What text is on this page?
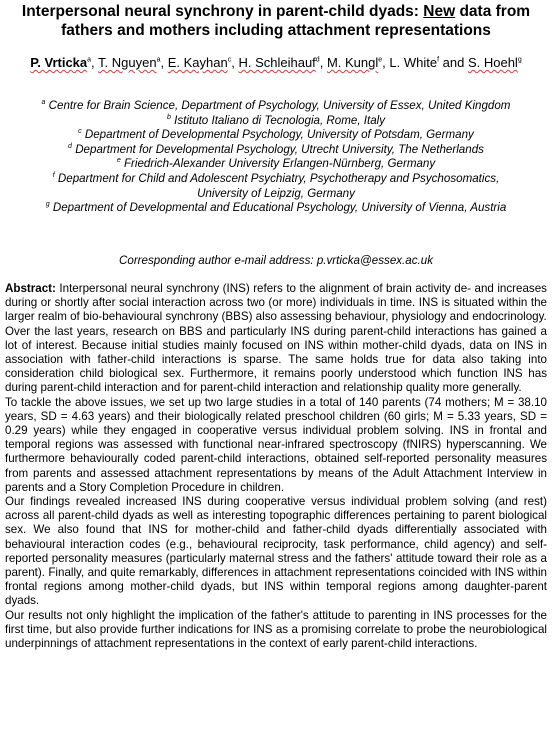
Interpersonal neural synchrony in parent-child dyads: New data from fathers and mothers including attachment representations
P. Vrticka$^a$, T. Nguyen$^a$, E. Kayhan$^c$, H. Schleihauf$^d$, M. Kungl$^e$, L. White$^f$ and S. Hoehl$^g$
$^a$ Centre for Brain Science, Department of Psychology, University of Essex, United Kingdom
$^b$ Istituto Italiano di Tecnologia, Rome, Italy
$^c$ Department of Developmental Psychology, University of Potsdam, Germany
$^d$ Department for Developmental Psychology, Utrecht University, The Netherlands
$^e$ Friedrich-Alexander University Erlangen-Nürnberg, Germany
$^f$ Department for Child and Adolescent Psychiatry, Psychotherapy and Psychosomatics,
University of Leipzig, Germany
$^g$ Department of Developmental and Educational Psychology, University of Vienna, Austria
Corresponding author e-mail address: p.vrticka@essex.ac.uk

Abstract: Interpersonal neural synchrony (INS) refers to the alignment of brain activity de- and increases during or shortly after social interaction across two (or more) individuals in time. INS is situated within the larger realm of bio-behavioural synchrony (BBS) also assessing behaviour, physiology and endocrinology.

Over the last years, research on BBS and particularly INS during parent-child interactions has gained a lot of interest. Because initial studies mainly focused on INS within mother-child dyads, data on INS in association with father-child interactions is sparse. The same holds true for data also taking into consideration child biological sex. Furthermore, it remains poorly understood which function INS has during parent-child interaction and for parent-child interaction and relationship quality more generally.

To tackle the above issues, we set up two large studies in a total of 140 parents (74 mothers; M = 38.10 years, SD = 4.63 years) and their biologically related preschool children (60 girls; M = 5.33 years, SD = 0.29 years) while they engaged in cooperative versus individual problem solving. INS in frontal and temporal regions was assessed with functional near-infrared spectroscopy (fNIRS) hyperscanning. We furthermore behaviourally coded parent-child interactions, obtained self-reported personality measures from parents and assessed attachment representations by means of the Adult Attachment Interview in parents and a Story Completion Procedure in children.

Our findings revealed increased INS during cooperative versus individual problem solving (and rest) across all parent-child dyads as well as interesting topographic differences pertaining to parent biological sex. We also found that INS for mother-child and father-child dyads differentially associated with behavioural interaction codes (e.g., behavioural reciprocity, task performance, child agency) and self-reported personality measures (particularly maternal stress and the fathers' attitude toward their role as a parent). Finally, and quite remarkably, differences in attachment representations coincided with INS within frontal regions among mother-child dyads, but INS within temporal regions among daughter-parent dyads.

Our results not only highlight the implication of the father's attitude to parenting in INS processes for the first time, but also provide further indications for INS as a promising correlate to probe the neurobiological underpinnings of attachment representations in the context of early parent-child interactions.
